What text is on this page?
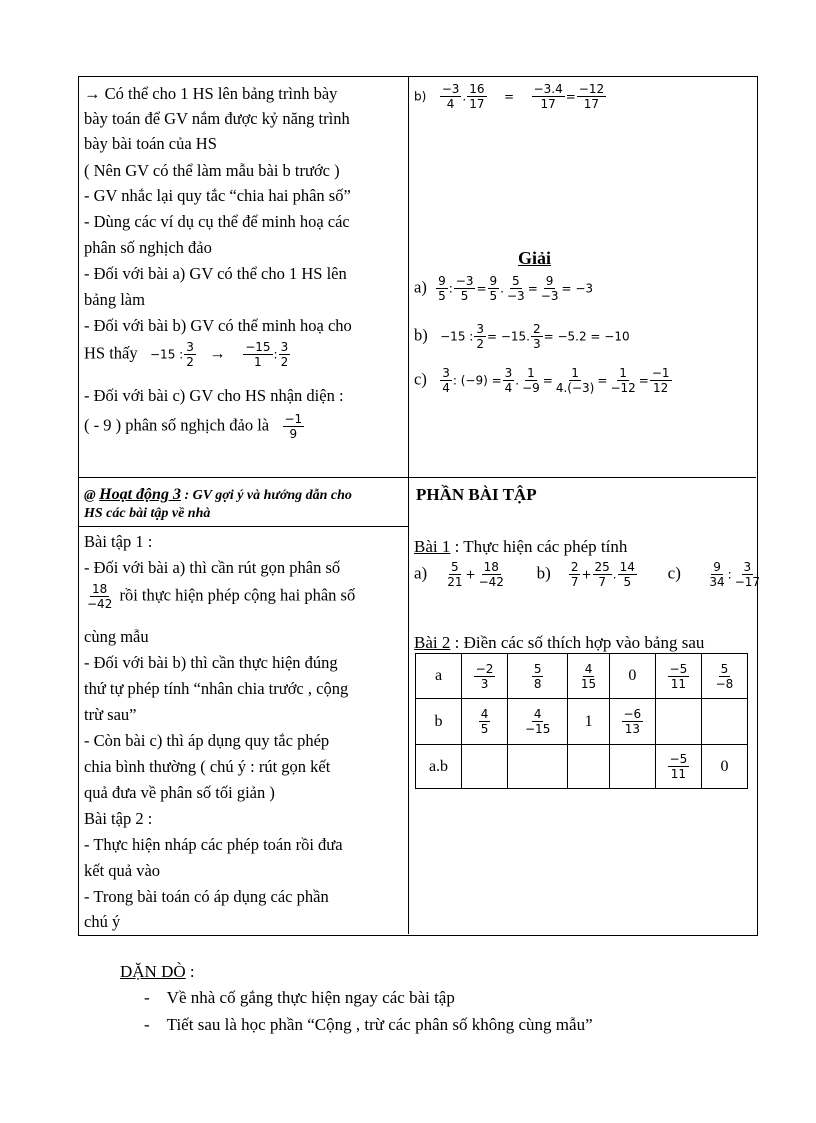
→ Có thể cho 1 HS lên bảng trình bày
bày toán để GV nắm được kỷ năng trình
bày bài toán của HS
( Nên GV có thể làm mẫu bài b trước )
- GV nhắc lại quy tắc “chia hai phân số”
- Dùng các ví dụ cụ thể để minh hoạ các
phân số nghịch đảo
- Đối với bài a) GV có thể cho 1 HS lên
bảng làm
- Đối với bài b) GV có thể minh hoạ cho
HS thấy −15 : $\frac{3}{2} \to \frac{-15}{1}$ : $\frac{3}{2}$
- Đối với bài c) GV cho HS nhận diện :
( - 9 ) phân số nghịch đảo là $\frac{-1}{9}$
$b) \frac{-3}{4}$ . $\frac{16}{17} = \frac{-3.4}{17} = \frac{-12}{17}$
Giải
$a) \frac{9}{5}$ : $\frac{-3}{5} = \frac{9}{5}$ . $\frac{5}{-3} = \frac{9}{-3} = -3$
b) −15 : $\frac{3}{2} = -15$. $\frac{2}{3} = -5.2 = -10$
$c) \frac{3}{4}$ : $(-9) = \frac{3}{4}$ . $\frac{1}{-9} = \frac{1}{4.(-3)} = \frac{1}{-12} = \frac{-1}{12}$
@ Hoạt động 3 : GV gợi ý và hướng dẫn cho
HS các bài tập về nhà
Bài tập 1 :
- Đối với bài a) thì cần rút gọn phân số
$\frac{18}{-42}$ rồi thực hiện phép cộng hai phân số
cùng mẫu
- Đối với bài b) thì cần thực hiện đúng
thứ tự phép tính “nhân chia trước , cộng
trừ sau”
- Còn bài c) thì áp dụng quy tắc phép
chia bình thường ( chú ý : rút gọn kết
quả đưa về phân số tối giản )
Bài tập 2 :
- Thực hiện nháp các phép toán rồi đưa
kết quả vào
- Trong bài toán có áp dụng các phần
chú ý
PHẦN BÀI TẬP
Bài 1 : Thực hiện các phép tính
$a) \frac{5}{21} + \frac{18}{-42} b) \frac{2}{7} + \frac{25}{7}$ . $\frac{14}{5} c) \frac{9}{34}$ : $\frac{3}{-17}$
Bài 2 : Điền các số thích hợp vào bảng sau
a	$\frac{-2}{3}$	$\frac{5}{8}$	$\frac{4}{15}$	0	$\frac{-5}{11}$	$\frac{5}{-8}$

b	$\frac{4}{5}$	$\frac{4}{-15}$	1	$\frac{-6}{13}$

a.b					$\frac{-5}{11}$	0
DẶN DÒ :
- Về nhà cố gắng thực hiện ngay các bài tập
- Tiết sau là học phần “Cộng , trừ các phân số không cùng mẫu”
